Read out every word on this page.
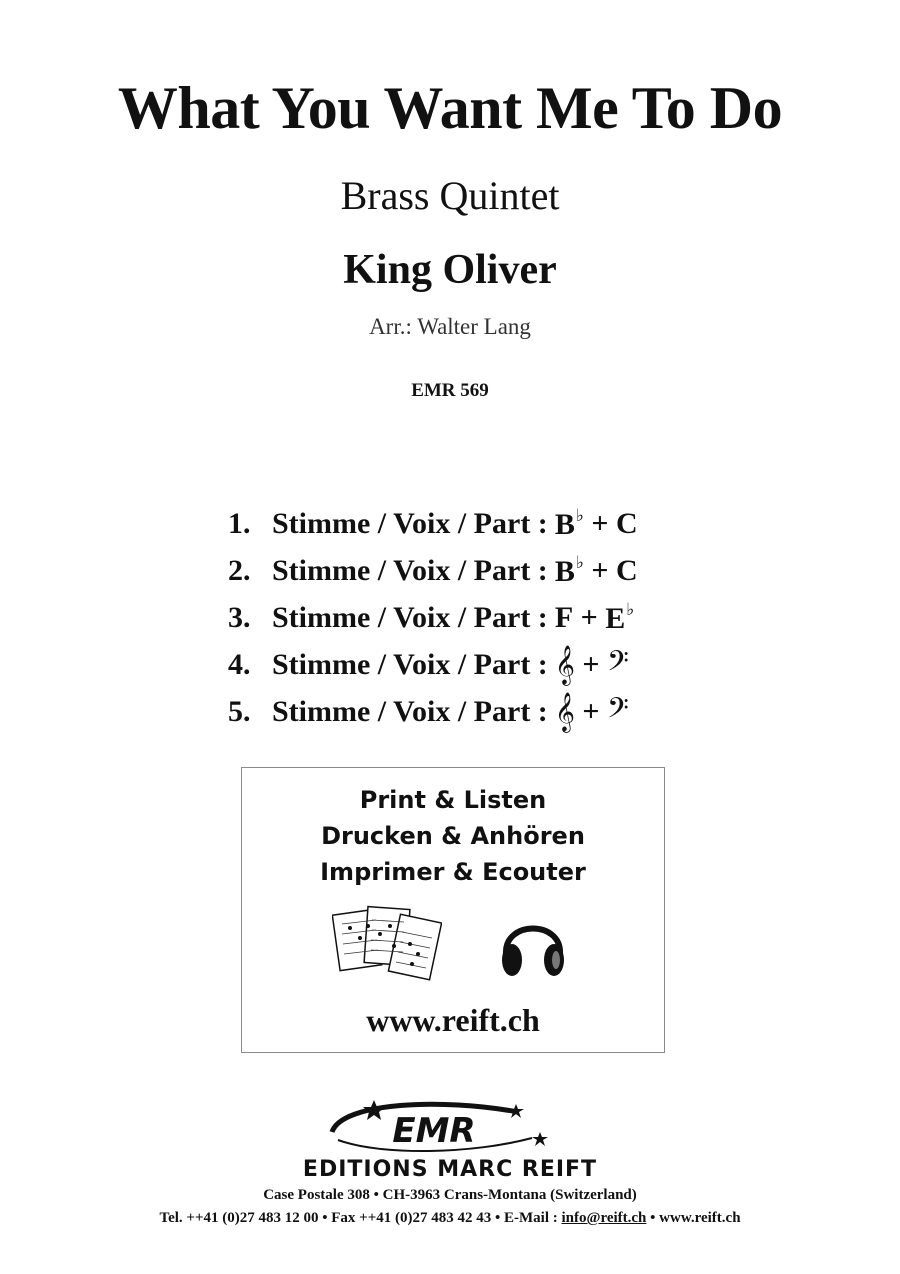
What You Want Me To Do
Brass Quintet
King Oliver
Arr.: Walter Lang
EMR 569
1. Stimme / Voix / Part : B♭
+
C
2. Stimme / Voix / Part : B♭
+
C
3. Stimme / Voix / Part : F
+
E♭
4. Stimme / Voix / Part : 𝄞
+
𝄢
5. Stimme / Voix / Part : 𝄞
+
𝄢
Print & Listen
Drucken & Anhören
Imprimer & Ecouter
www.reift.ch
EMR
EDITIONS MARC REIFT
Case Postale 308 • CH-3963 Crans-Montana (Switzerland)
Tel. ++41 (0)27 483 12 00 • Fax ++41 (0)27 483 42 43 • E-Mail : info@reift.ch • www.reift.ch
